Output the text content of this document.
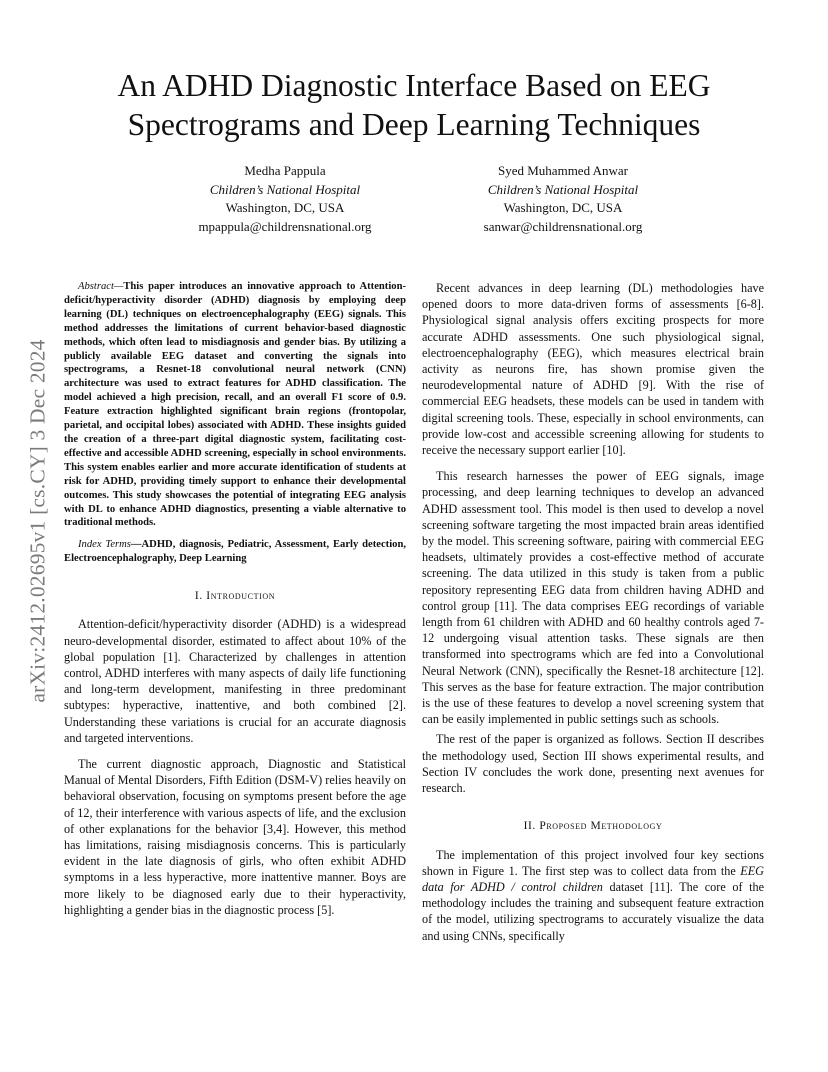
arXiv:2412.02695v1 [cs.CY] 3 Dec 2024
An ADHD Diagnostic Interface Based on EEG Spectrograms and Deep Learning Techniques
Medha Pappula
Children’s National Hospital
Washington, DC, USA
mpappula@childrensnational.org
Syed Muhammed Anwar
Children’s National Hospital
Washington, DC, USA
sanwar@childrensnational.org

Abstract—This paper introduces an innovative approach to Attention-deficit/hyperactivity disorder (ADHD) diagnosis by employing deep learning (DL) techniques on electroencephalography (EEG) signals. This method addresses the limitations of current behavior-based diagnostic methods, which often lead to misdiagnosis and gender bias. By utilizing a publicly available EEG dataset and converting the signals into spectrograms, a Resnet-18 convolutional neural network (CNN) architecture was used to extract features for ADHD classification. The model achieved a high precision, recall, and an overall F1 score of 0.9. Feature extraction highlighted significant brain regions (frontopolar, parietal, and occipital lobes) associated with ADHD. These insights guided the creation of a three-part digital diagnostic system, facilitating cost-effective and accessible ADHD screening, especially in school environments. This system enables earlier and more accurate identification of students at risk for ADHD, providing timely support to enhance their developmental outcomes. This study showcases the potential of integrating EEG analysis with DL to enhance ADHD diagnostics, presenting a viable alternative to traditional methods.

Index Terms—ADHD, diagnosis, Pediatric, Assessment, Early detection, Electroencephalography, Deep Learning

I. Introduction

Attention-deficit/hyperactivity disorder (ADHD) is a widespread neuro-developmental disorder, estimated to affect about 10% of the global population [1]. Characterized by challenges in attention control, ADHD interferes with many aspects of daily life functioning and long-term development, manifesting in three predominant subtypes: hyperactive, inattentive, and both combined [2]. Understanding these variations is crucial for an accurate diagnosis and targeted interventions.

The current diagnostic approach, Diagnostic and Statistical Manual of Mental Disorders, Fifth Edition (DSM-V) relies heavily on behavioral observation, focusing on symptoms present before the age of 12, their interference with various aspects of life, and the exclusion of other explanations for the behavior [3,4]. However, this method has limitations, raising misdiagnosis concerns. This is particularly evident in the late diagnosis of girls, who often exhibit ADHD symptoms in a less hyperactive, more inattentive manner. Boys are more likely to be diagnosed early due to their hyperactivity, highlighting a gender bias in the diagnostic process [5].

Recent advances in deep learning (DL) methodologies have opened doors to more data-driven forms of assessments [6-8]. Physiological signal analysis offers exciting prospects for more accurate ADHD assessments. One such physiological signal, electroencephalography (EEG), which measures electrical brain activity as neurons fire, has shown promise given the neurodevelopmental nature of ADHD [9]. With the rise of commercial EEG headsets, these models can be used in tandem with digital screening tools. These, especially in school environments, can provide low-cost and accessible screening allowing for students to receive the necessary support earlier [10].

This research harnesses the power of EEG signals, image processing, and deep learning techniques to develop an advanced ADHD assessment tool. This model is then used to develop a novel screening software targeting the most impacted brain areas identified by the model. This screening software, pairing with commercial EEG headsets, ultimately provides a cost-effective method of accurate screening. The data utilized in this study is taken from a public repository representing EEG data from children having ADHD and control group [11]. The data comprises EEG recordings of variable length from 61 children with ADHD and 60 healthy controls aged 7-12 undergoing visual attention tasks. These signals are then transformed into spectrograms which are fed into a Convolutional Neural Network (CNN), specifically the Resnet-18 architecture [12]. This serves as the base for feature extraction. The major contribution is the use of these features to develop a novel screening system that can be easily implemented in public settings such as schools.

The rest of the paper is organized as follows. Section II describes the methodology used, Section III shows experimental results, and Section IV concludes the work done, presenting next avenues for research.

II. Proposed Methodology

The implementation of this project involved four key sections shown in Figure 1. The first step was to collect data from the EEG data for ADHD / control children dataset [11]. The core of the methodology includes the training and subsequent feature extraction of the model, utilizing spectrograms to accurately visualize the data and using CNNs, specifically
